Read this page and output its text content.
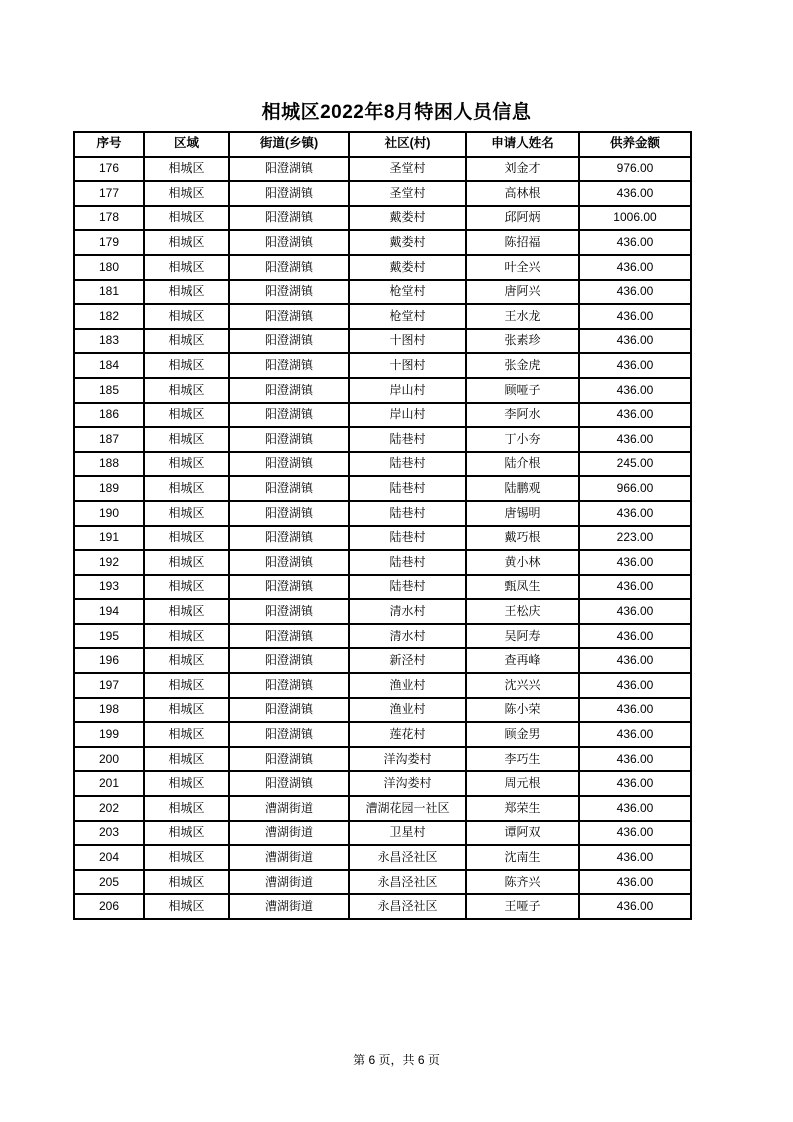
相城区2022年8月特困人员信息
序号	区域	街道(乡镇)	社区(村)	申请人姓名	供养金额
176	相城区	阳澄湖镇	圣堂村	刘金才	976.00
177	相城区	阳澄湖镇	圣堂村	高林根	436.00
178	相城区	阳澄湖镇	戴娄村	邱阿炳	1006.00
179	相城区	阳澄湖镇	戴娄村	陈招福	436.00
180	相城区	阳澄湖镇	戴娄村	叶全兴	436.00
181	相城区	阳澄湖镇	枪堂村	唐阿兴	436.00
182	相城区	阳澄湖镇	枪堂村	王水龙	436.00
183	相城区	阳澄湖镇	十图村	张素珍	436.00
184	相城区	阳澄湖镇	十图村	张金虎	436.00
185	相城区	阳澄湖镇	岸山村	顾哑子	436.00
186	相城区	阳澄湖镇	岸山村	李阿水	436.00
187	相城区	阳澄湖镇	陆巷村	丁小夯	436.00
188	相城区	阳澄湖镇	陆巷村	陆介根	245.00
189	相城区	阳澄湖镇	陆巷村	陆鹏观	966.00
190	相城区	阳澄湖镇	陆巷村	唐锡明	436.00
191	相城区	阳澄湖镇	陆巷村	戴巧根	223.00
192	相城区	阳澄湖镇	陆巷村	黄小林	436.00
193	相城区	阳澄湖镇	陆巷村	甄凤生	436.00
194	相城区	阳澄湖镇	清水村	王松庆	436.00
195	相城区	阳澄湖镇	清水村	吴阿寿	436.00
196	相城区	阳澄湖镇	新泾村	查再峰	436.00
197	相城区	阳澄湖镇	渔业村	沈兴兴	436.00
198	相城区	阳澄湖镇	渔业村	陈小荣	436.00
199	相城区	阳澄湖镇	莲花村	顾金男	436.00
200	相城区	阳澄湖镇	洋沟娄村	李巧生	436.00
201	相城区	阳澄湖镇	洋沟娄村	周元根	436.00
202	相城区	漕湖街道	漕湖花园一社区	郑荣生	436.00
203	相城区	漕湖街道	卫星村	谭阿双	436.00
204	相城区	漕湖街道	永昌泾社区	沈南生	436.00
205	相城区	漕湖街道	永昌泾社区	陈齐兴	436.00
206	相城区	漕湖街道	永昌泾社区	王哑子	436.00
第 6 页，共 6 页
